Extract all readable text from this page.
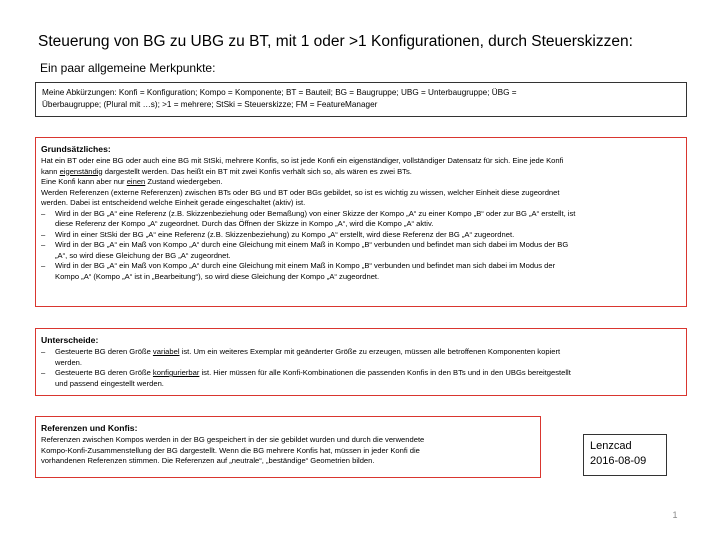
Steuerung von BG zu UBG zu BT, mit 1 oder >1 Konfigurationen, durch Steuerskizzen:
Ein paar allgemeine Merkpunkte:
Meine Abkürzungen: Konfi = Konfiguration; Kompo = Komponente; BT = Bauteil; BG = Baugruppe; UBG = Unterbaugruppe; ÜBG =
Überbaugruppe; (Plural mit …s); >1 = mehrere; StSki = Steuerskizze; FM = FeatureManager
Grundsätzliches:
Hat ein BT oder eine BG oder auch eine BG mit StSki, mehrere Konfis, so ist jede Konfi ein eigenständiger, vollständiger Datensatz für sich. Eine jede Konfi
kann eigenständig dargestellt werden. Das heißt ein BT mit zwei Konfis verhält sich so, als wären es zwei BTs.
Eine Konfi kann aber nur einen Zustand wiedergeben.
Werden Referenzen (externe Referenzen) zwischen BTs oder BG und BT oder BGs gebildet, so ist es wichtig zu wissen, welcher Einheit diese zugeordnet
werden. Dabei ist entscheidend welche Einheit gerade eingeschaltet (aktiv) ist.
–	Wird in der BG „A“ eine Referenz (z.B. Skizzenbeziehung oder Bemaßung) von einer Skizze der Kompo „A“ zu einer Kompo „B“ oder zur BG „A“ erstellt, ist
diese Referenz der Kompo „A“ zugeordnet. Durch das Öffnen der Skizze in Kompo „A“, wird die Kompo „A“ aktiv.
–	Wird in einer StSki der BG „A“ eine Referenz (z.B. Skizzenbeziehung) zu Kompo „A“ erstellt, wird diese Referenz der BG „A“ zugeordnet.
–	Wird in der BG „A“ ein Maß von Kompo „A“ durch eine Gleichung mit einem Maß in Kompo „B“ verbunden und befindet man sich dabei im Modus der BG
„A“, so wird diese Gleichung der BG „A“ zugeordnet.
–	Wird in der BG „A“ ein Maß von Kompo „A“ durch eine Gleichung mit einem Maß in Kompo „B“ verbunden und befindet man sich dabei im Modus der
Kompo „A“ (Kompo „A“ ist in „Bearbeitung“), so wird diese Gleichung der Kompo „A“ zugeordnet.
Unterscheide:
–	Gesteuerte BG deren Größe variabel ist. Um ein weiteres Exemplar mit geänderter Größe zu erzeugen, müssen alle betroffenen Komponenten kopiert
werden.
–	Gesteuerte BG deren Größe konfigurierbar ist. Hier müssen für alle Konfi-Kombinationen die passenden Konfis in den BTs und in den UBGs bereitgestellt
und passend eingestellt werden.
Referenzen und Konfis:
Referenzen zwischen Kompos werden in der BG gespeichert in der sie gebildet wurden und durch die verwendete
Kompo-Konfi-Zusammenstellung der BG dargestellt. Wenn die BG mehrere Konfis hat, müssen in jeder Konfi die
vorhandenen Referenzen stimmen. Die Referenzen auf „neutrale“, „beständige“ Geometrien bilden.
Lenzcad
2016-08-09
1
